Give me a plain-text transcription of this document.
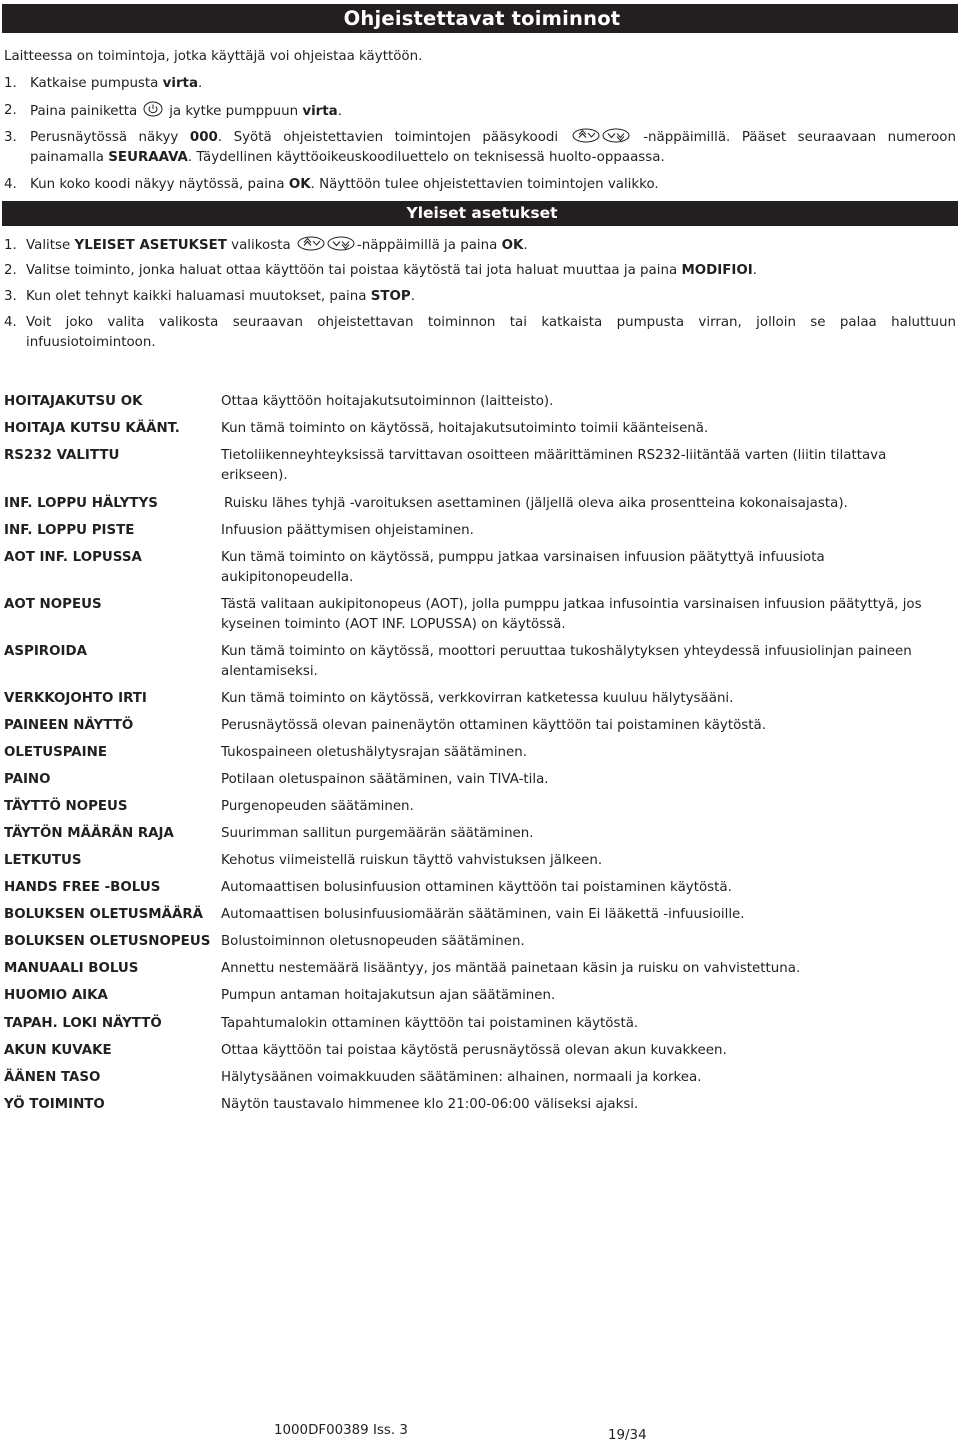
Ohjeistettavat toiminnot
Laitteessa on toimintoja, jotka käyttäjä voi ohjeistaa käyttöön.
1. Katkaise pumpusta virta.
2. Paina painiketta ja kytke pumppuun virta.
3. Perusnäytössä näkyy 000. Syötä ohjeistettavien toimintojen pääsykoodi	-näppäimillä. Pääset seuraavaan numeroon
painamalla SEURAAVA. Täydellinen käyttöoikeuskoodiluettelo on teknisessä huolto-oppaassa.
4. Kun koko koodi näkyy näytössä, paina OK. Näyttöön tulee ohjeistettavien toimintojen valikko.
Yleiset asetukset
1. Valitse YLEISET ASETUKSET valikosta	-näppäimillä ja paina OK.
2. Valitse toiminto, jonka haluat ottaa käyttöön tai poistaa käytöstä tai jota haluat muuttaa ja paina MODIFIOI.
3. Kun olet tehnyt kaikki haluamasi muutokset, paina STOP.
4. Voit joko valita valikosta seuraavan ohjeistettavan toiminnon tai katkaista pumpusta virran, jolloin se palaa haluttuun
infuusiotoimintoon.
HOITAJAKUTSU OK	Ottaa käyttöön hoitajakutsutoiminnon (laitteisto).
HOITAJA KUTSU KÄÄNT.	Kun tämä toiminto on käytössä, hoitajakutsutoiminto toimii käänteisenä.
RS232 VALITTU	Tietoliikenneyhteyksissä tarvittavan osoitteen määrittäminen RS232-liitäntää varten (liitin tilattava erikseen).
INF. LOPPU HÄLYTYS	Ruisku lähes tyhjä -varoituksen asettaminen (jäljellä oleva aika prosentteina kokonaisajasta).
INF. LOPPU PISTE	Infuusion päättymisen ohjeistaminen.
AOT INF. LOPUSSA	Kun tämä toiminto on käytössä, pumppu jatkaa varsinaisen infuusion päätyttyä infuusiota aukipitonopeudella.
AOT NOPEUS	Tästä valitaan aukipitonopeus (AOT), jolla pumppu jatkaa infusointia varsinaisen infuusion päätyttyä, jos kyseinen toiminto (AOT INF. LOPUSSA) on käytössä.
ASPIROIDA	Kun tämä toiminto on käytössä, moottori peruuttaa tukoshälytyksen yhteydessä infuusiolinjan paineen alentamiseksi.
VERKKOJOHTO IRTI	Kun tämä toiminto on käytössä, verkkovirran katketessa kuuluu hälytysääni.
PAINEEN NÄYTTÖ	Perusnäytössä olevan painenäytön ottaminen käyttöön tai poistaminen käytöstä.
OLETUSPAINE	Tukospaineen oletushälytysrajan säätäminen.
PAINO	Potilaan oletuspainon säätäminen, vain TIVA-tila.
TÄYTTÖ NOPEUS	Purgenopeuden säätäminen.
TÄYTÖN MÄÄRÄN RAJA	Suurimman sallitun purgemäärän säätäminen.
LETKUTUS	Kehotus viimeistellä ruiskun täyttö vahvistuksen jälkeen.
HANDS FREE -BOLUS	Automaattisen bolusinfuusion ottaminen käyttöön tai poistaminen käytöstä.
BOLUKSEN OLETUSMÄÄRÄ Automaattisen bolusinfuusiomäärän säätäminen, vain Ei lääkettä -infuusioille.
BOLUKSEN OLETUSNOPEUS Bolustoiminnon oletusnopeuden säätäminen.
MANUAALI BOLUS	Annettu nestemäärä lisääntyy, jos mäntää painetaan käsin ja ruisku on vahvistettuna.
HUOMIO AIKA	Pumpun antaman hoitajakutsun ajan säätäminen.
TAPAH. LOKI NÄYTTÖ	Tapahtumalokin ottaminen käyttöön tai poistaminen käytöstä.
AKUN KUVAKE	Ottaa käyttöön tai poistaa käytöstä perusnäytössä olevan akun kuvakkeen.
ÄÄNEN TASO	Hälytysäänen voimakkuuden säätäminen: alhainen, normaali ja korkea.
YÖ TOIMINTO	Näytön taustavalo himmenee klo 21:00-06:00 väliseksi ajaksi.
1000DF00389 Iss. 3	19/34
